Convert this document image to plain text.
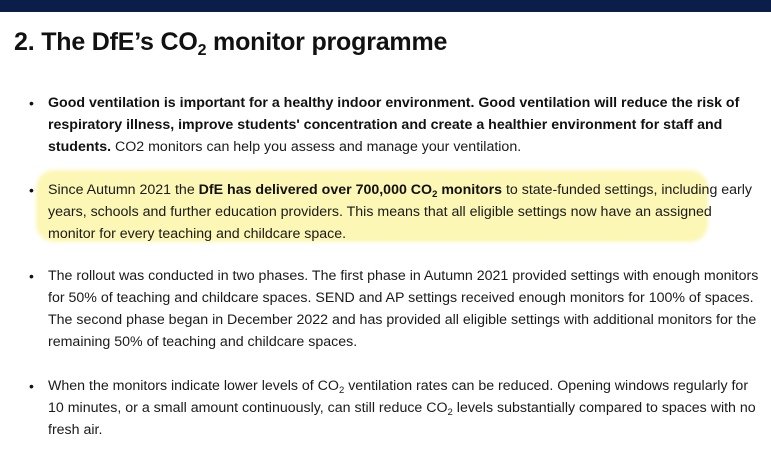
2. The DfE’s $CO_2$ monitor programme
• Good ventilation is important for a healthy indoor environment. Good ventilation will reduce the risk of respiratory illness, improve students' concentration and create a healthier environment for staff and students. CO2 monitors can help you assess and manage your ventilation.
• Since Autumn 2021 the DfE has delivered over 700,000 $CO_2$ monitors to state-funded settings, including early years, schools and further education providers. This means that all eligible settings now have an assigned monitor for every teaching and childcare space.
• The rollout was conducted in two phases. The first phase in Autumn 2021 provided settings with enough monitors for 50% of teaching and childcare spaces. SEND and AP settings received enough monitors for 100% of spaces. The second phase began in December 2022 and has provided all eligible settings with additional monitors for the remaining 50% of teaching and childcare spaces.
• When the monitors indicate lower levels of $CO_2$ ventilation rates can be reduced. Opening windows regularly for 10 minutes, or a small amount continuously, can still reduce $CO_2$ levels substantially compared to spaces with no fresh air.
